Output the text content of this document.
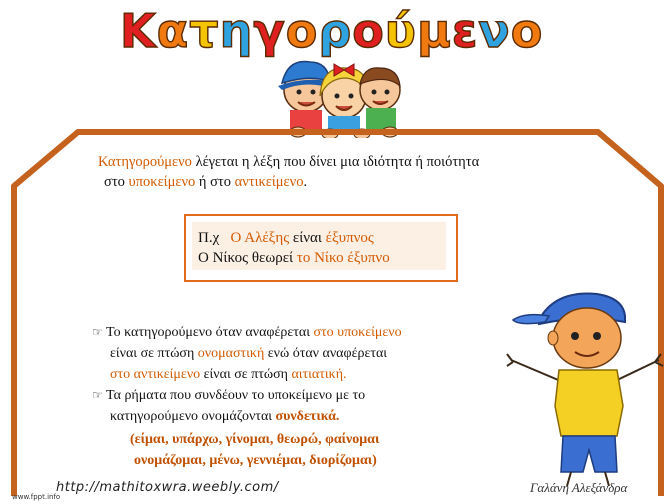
Κατηγορούμενο
Κατηγορούμενο λέγεται η λέξη που δίνει μια ιδιότητα ή ποιότητα
στο υποκείμενο ή στο αντικείμενο.
Π.χ Ο Αλέξης είναι έξυπνος
Ο Νίκος θεωρεί το Νίκο έξυπνο
☞ Το κατηγορούμενο όταν αναφέρεται στο υποκείμενο
είναι σε πτώση ονομαστική ενώ όταν αναφέρεται
στο αντικείμενο είναι σε πτώση αιτιατική.
☞ Τα ρήματα που συνδέουν το υποκείμενο με το
κατηγορούμενο ονομάζονται συνδετικά.
(είμαι, υπάρχω, γίνομαι, θεωρώ, φαίνομαι
ονομάζομαι, μένω, γεννιέμαι, διορίζομαι)
http://mathitoxwra.weebly.com/	Γαλάνη Αλεξάνδρα
www.fppt.info
